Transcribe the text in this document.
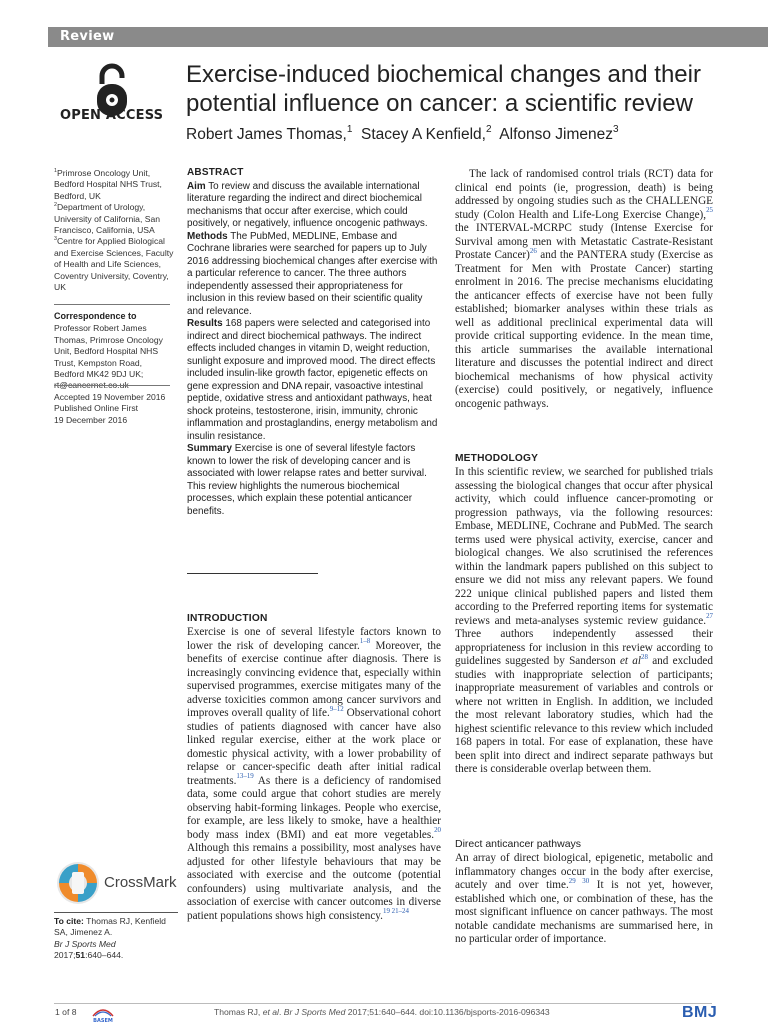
Review
OPEN ACCESS
Exercise-induced biochemical changes and their potential influence on cancer: a scientific review
Robert James Thomas,$^1$ Stacey A Kenfield,$^2$ Alfonso Jimenez$^3$
$^1$Primrose Oncology Unit, Bedford Hospital NHS Trust, Bedford, UK
$^2$Department of Urology, University of California, San Francisco, California, USA
$^3$Centre for Applied Biological and Exercise Sciences, Faculty of Health and Life Sciences, Coventry University, Coventry, UK
Correspondence to
Professor Robert James Thomas, Primrose Oncology Unit, Bedford Hospital NHS Trust, Kempston Road, Bedford MK42 9DJ UK;
Accepted 19 November 2016
Published Online First
19 December 2016
CrossMark
To cite: Thomas RJ, Kenfield SA, Jimenez A.
Br J Sports Med
2017;51:640–644.
ABSTRACT

Aim To review and discuss the available international literature regarding the indirect and direct biochemical mechanisms that occur after exercise, which could positively, or negatively, influence oncogenic pathways.

Methods The PubMed, MEDLINE, Embase and Cochrane libraries were searched for papers up to July 2016 addressing biochemical changes after exercise with a particular reference to cancer. The three authors independently assessed their appropriateness for inclusion in this review based on their scientific quality and relevance.

Results 168 papers were selected and categorised into indirect and direct biochemical pathways. The indirect effects included changes in vitamin D, weight reduction, sunlight exposure and improved mood. The direct effects included insulin-like growth factor, epigenetic effects on gene expression and DNA repair, vasoactive intestinal peptide, oxidative stress and antioxidant pathways, heat shock proteins, testosterone, irisin, immunity, chronic inflammation and prostaglandins, energy metabolism and insulin resistance.

Summary Exercise is one of several lifestyle factors known to lower the risk of developing cancer and is associated with lower relapse rates and better survival. This review highlights the numerous biochemical processes, which explain these potential anticancer benefits.

INTRODUCTION

Exercise is one of several lifestyle factors known to lower the risk of developing cancer.$^{1-8}$ Moreover, the benefits of exercise continue after diagnosis. There is increasingly convincing evidence that, especially within supervised programmes, exercise mitigates many of the adverse toxicities common among cancer survivors and improves overall quality of life.$^{9-12}$ Observational cohort studies of patients diagnosed with cancer have also linked regular exercise, either at the work place or domestic physical activity, with a lower probability of relapse or cancer-specific death after initial radical treatments.$^{13-19}$ As there is a deficiency of randomised data, some could argue that cohort studies are merely observing habit-forming linkages. People who exercise, for example, are less likely to smoke, have a healthier body mass index (BMI) and eat more vegetables.$^{20}$ Although this remains a possibility, most analyses have adjusted for other lifestyle behaviours that may be associated with exercise and the outcome (potential confounders) using multivariate analysis, and the association of exercise with cancer outcomes in diverse patient populations shows high consistency.$^{19 21-24}$

The lack of randomised control trials (RCT) data for clinical end points (ie, progression, death) is being addressed by ongoing studies such as the CHALLENGE study (Colon Health and Life-Long Exercise Change),$^{25}$ the INTERVAL-MCRPC study (Intense Exercise for Survival among men with Metastatic Castrate-Resistant Prostate Cancer)$^{26}$ and the PANTERA study (Exercise as Treatment for Men with Prostate Cancer) starting enrolment in 2016. The precise mechanisms elucidating the anticancer effects of exercise have not been fully established; biomarker analyses within these trials as well as additional preclinical experimental data will provide critical supporting evidence. In the mean time, this article summarises the available international literature and discusses the potential indirect and direct biochemical mechanisms of how physical activity (exercise) could positively, or negatively, influence oncogenic pathways.

METHODOLOGY

In this scientific review, we searched for published trials assessing the biological changes that occur after physical activity, which could influence cancer-promoting or progression pathways, via the following resources: Embase, MEDLINE, Cochrane and PubMed. The search terms used were physical activity, exercise, cancer and biological changes. We also scrutinised the references within the landmark papers published on this subject to ensure we did not miss any relevant papers. We found 222 unique clinical published papers and listed them according to the Preferred reporting items for systematic reviews and meta-analyses systemic review guidance.$^{27}$ Three authors independently assessed their appropriateness for inclusion in this review according to guidelines suggested by Sanderson et al$^{28}$ and excluded studies with inappropriate selection of participants; inappropriate measurement of variables and controls or where not written in English. In addition, we included the most relevant laboratory studies, which had the highest scientific relevance to this review which included 168 papers in total. For ease of explanation, these have been split into direct and indirect separate pathways but there is considerable overlap between them.

Direct anticancer pathways

An array of direct biological, epigenetic, metabolic and inflammatory changes occur in the body after exercise, acutely and over time.$^{29 30}$ It is not yet, however, established which one, or combination of these, has the most significant influence on cancer pathways. The most notable candidate mechanisms are summarised here, in no particular order of importance.

1 of 8
BASEM
Thomas RJ, et al. Br J Sports Med 2017;51:640–644. doi:10.1136/bjsports-2016-096343	BMJ
